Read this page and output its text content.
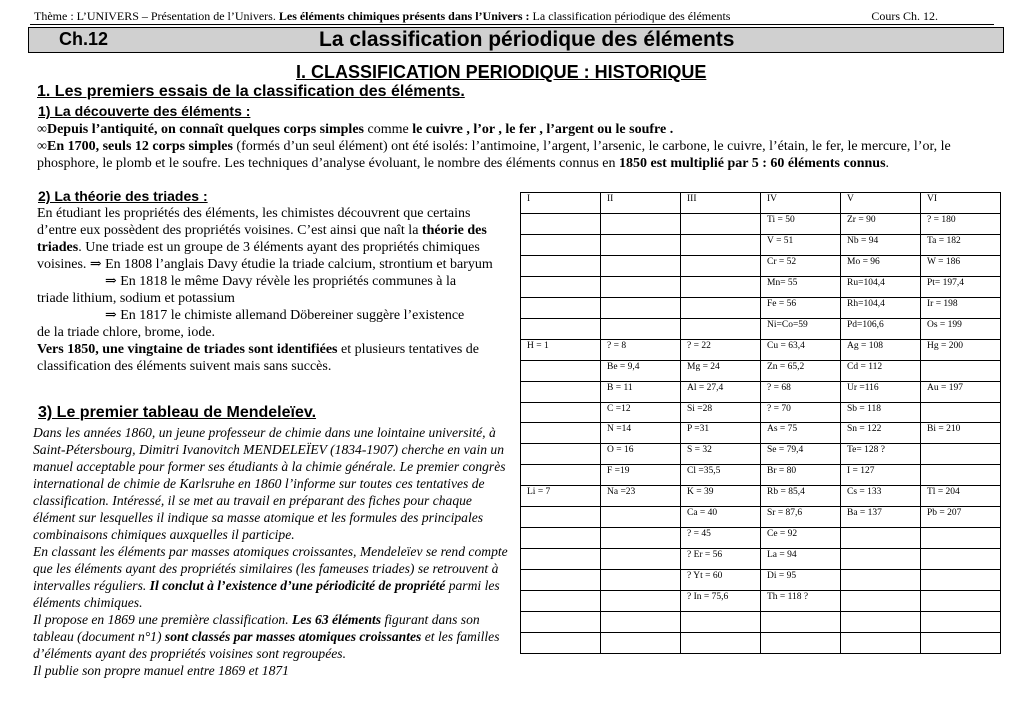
Thème : L’UNIVERS – Présentation de l’Univers. Les éléments chimiques présents dans l’Univers : La classification périodique des éléments	Cours Ch. 12.
Ch.12	La classification périodique des éléments
I. CLASSIFICATION PERIODIQUE : HISTORIQUE
1. Les premiers essais de la classification des éléments.
1) La découverte des éléments :
∞Depuis l’antiquité, on connaît quelques corps simples comme le cuivre , l’or , le fer , l’argent ou le soufre .
∞En 1700, seuls 12 corps simples (formés d’un seul élément) ont été isolés: l’antimoine, l’argent, l’arsenic, le carbone, le cuivre, l’étain, le fer, le mercure, l’or, le phosphore, le plomb et le soufre. Les techniques d’analyse évoluant, le nombre des éléments connus en 1850 est multiplié par 5 : 60 éléments connus.
2) La théorie des triades :
En étudiant les propriétés des éléments, les chimistes découvrent que certains d’entre eux possèdent des propriétés voisines. C’est ainsi que naît la théorie des triades. Une triade est un groupe de 3 éléments ayant des propriétés chimiques voisines. ⇒ En 1808 l’anglais Davy étudie la triade calcium, strontium et baryum
⇒ En 1818 le même Davy révèle les propriétés communes à la
triade lithium, sodium et potassium
⇒ En 1817 le chimiste allemand Döbereiner suggère l’existence
de la triade chlore, brome, iode.
Vers 1850, une vingtaine de triades sont identifiées et plusieurs tentatives de classification des éléments suivent mais sans succès.
3) Le premier tableau de Mendeleïev.
Dans les années 1860, un jeune professeur de chimie dans une lointaine université, à Saint-Pétersbourg, Dimitri Ivanovitch MENDELEÏEV (1834-1907) cherche en vain un manuel acceptable pour former ses étudiants à la chimie générale. Le premier congrès international de chimie de Karlsruhe en 1860 l’informe sur toutes ces tentatives de classification. Intéressé, il se met au travail en préparant des fiches pour chaque élément sur lesquelles il indique sa masse atomique et les formules des principales combinaisons chimiques auxquelles il participe.
En classant les éléments par masses atomiques croissantes, Mendeleïev se rend compte que les éléments ayant des propriétés similaires (les fameuses triades) se retrouvent à intervalles réguliers. Il conclut à l’existence d’une périodicité de propriété parmi les éléments chimiques.
Il propose en 1869 une première classification. Les 63 éléments figurant dans son tableau (document n°1) sont classés par masses atomiques croissantes et les familles d’éléments ayant des propriétés voisines sont regroupées.
Il publie son propre manuel entre 1869 et 1871
I	II	III	IV	V	VI
			Ti = 50	Zr = 90	? = 180
			V = 51	Nb = 94	Ta = 182
			Cr = 52	Mo = 96	W = 186
			Mn= 55	Ru=104,4	Pt= 197,4
			Fe = 56	Rh=104,4	Ir = 198
			Ni=Co=59	Pd=106,6	Os = 199
H = 1	? = 8	? = 22	Cu = 63,4	Ag = 108	Hg = 200
	Be = 9,4	Mg = 24	Zn = 65,2	Cd = 112	
	B = 11	Al = 27,4	? = 68	Ur =116	Au = 197
	C =12	Si =28	? = 70	Sb = 118	
	N =14	P =31	As = 75	Sn = 122	Bi = 210
	O = 16	S = 32	Se = 79,4	Te= 128 ?	
	F =19	Cl =35,5	Br = 80	I = 127	
Li = 7	Na =23	K = 39	Rb = 85,4	Cs = 133	Tl = 204
		Ca = 40	Sr = 87,6	Ba = 137	Pb = 207
		? = 45	Ce = 92		
		? Er = 56	La = 94		
		? Yt = 60	Di = 95		
		? In = 75,6	Th = 118 ?		
